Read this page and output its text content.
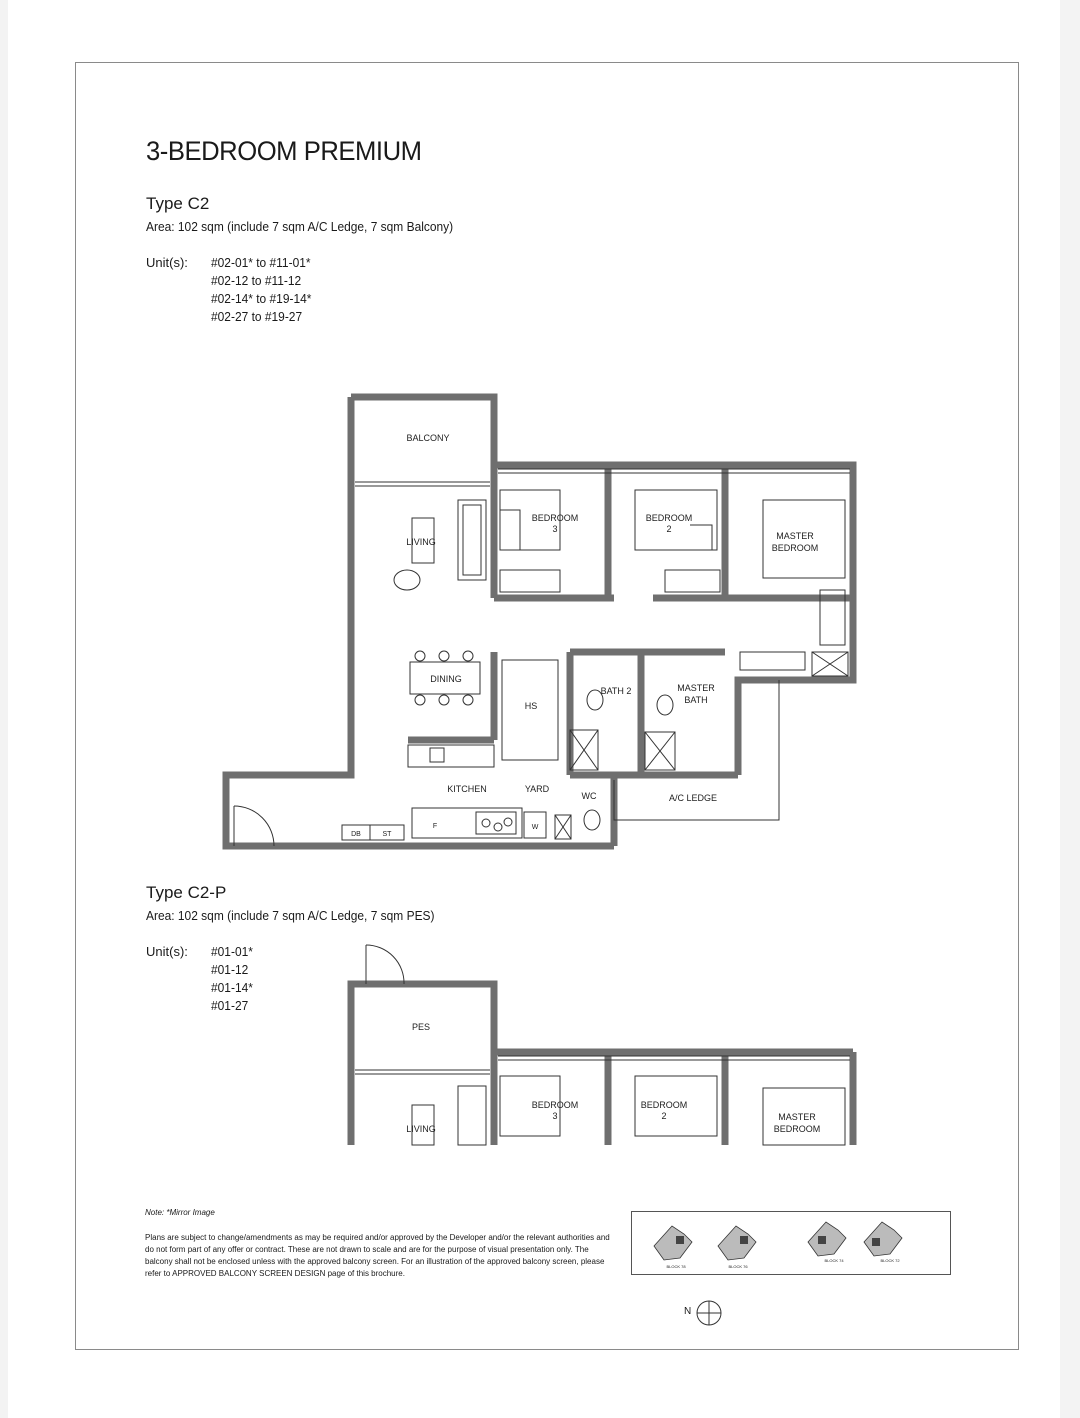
3-BEDROOM PREMIUM
Type C2
Area: 102 sqm (include 7 sqm A/C Ledge, 7 sqm Balcony)
Unit(s): #02-01* to #11-01*
#02-12 to #11-12
#02-14* to #19-14*
#02-27 to #19-27
BALCONY
LIVING
BEDROOM
3
BEDROOM
2
MASTER
BEDROOM
DINING
HS
BATH 2	MASTER
BATH
KITCHEN	YARD
WC	A/C LEDGE
DB	ST
F	W
Type C2-P
Area: 102 sqm (include 7 sqm A/C Ledge, 7 sqm PES)
Unit(s): #01-01*
#01-12
#01-14*
#01-27
PES
LIVING
BEDROOM
3
BEDROOM
2	MASTER
BEDROOM
Note: *Mirror Image
Plans are subject to change/amendments as may be required and/or approved by the Developer and/or the relevant authorities and do not form part of any offer or contract. These are not drawn to scale and are for the purpose of visual presentation only. The balcony shall not be enclosed unless with the approved balcony screen. For an illustration of the approved balcony screen, please refer to APPROVED BALCONY SCREEN DESIGN page of this brochure.
BLOCK 78	BLOCK 76
BLOCK 74	BLOCK 72
N
